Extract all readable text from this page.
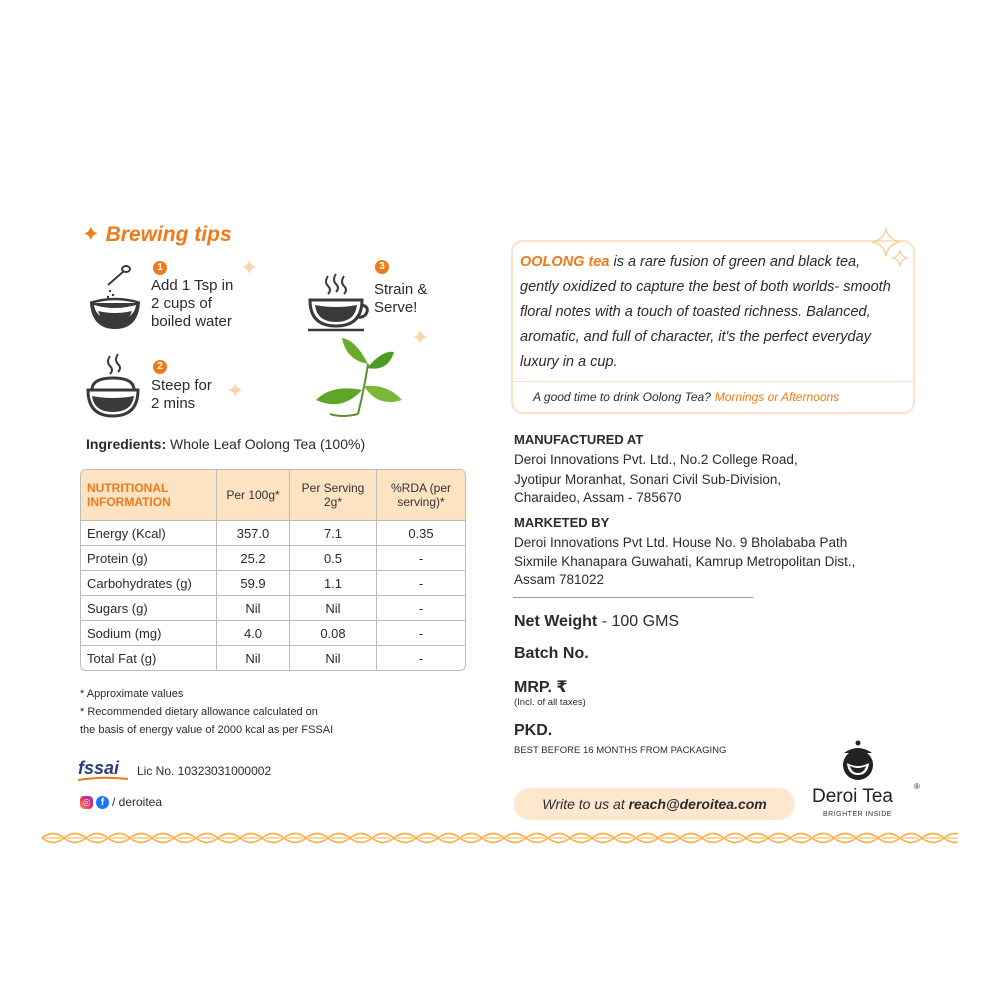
✦ Brewing tips
1
Add 1 Tsp in
2 cups of
boiled water
✦
2
Steep for
2 mins
✦
3
Strain &
Serve!
✦
Ingredients: Whole Leaf Oolong Tea (100%)
NUTRITIONAL INFORMATION	Per 100g*	Per Serving 2g*	%RDA (per serving)*
Energy (Kcal)	357.0	7.1	0.35
Protein (g)	25.2	0.5	-
Carbohydrates (g)	59.9	1.1	-
Sugars (g)	Nil	Nil	-
Sodium (mg)	4.0	0.08	-
Total Fat (g)	Nil	Nil	-
* Approximate values
* Recommended dietary allowance calculated on
the basis of energy value of 2000 kcal as per FSSAI
fssai Lic No. 10323031000002
◎	f / deroitea
OOLONG tea is a rare fusion of green and black tea, gently oxidized to capture the best of both worlds- smooth floral notes with a touch of toasted richness. Balanced, aromatic, and full of character, it's the perfect everyday luxury in a cup.
A good time to drink Oolong Tea? Mornings or Afternoons
MANUFACTURED AT
Deroi Innovations Pvt. Ltd., No.2 College Road,
Jyotipur Moranhat, Sonari Civil Sub-Division,
Charaideo, Assam - 785670
MARKETED BY
Deroi Innovations Pvt Ltd. House No. 9 Bholababa Path
Sixmile Khanapara Guwahati, Kamrup Metropolitan Dist.,
Assam 781022
Net Weight - 100 GMS
Batch No.
MRP. ₹
(Incl. of all taxes)
PKD.
BEST BEFORE 16 MONTHS FROM PACKAGING
Write to us at reach@deroitea.com	Deroi Tea	®
BRIGHTER INSIDE
